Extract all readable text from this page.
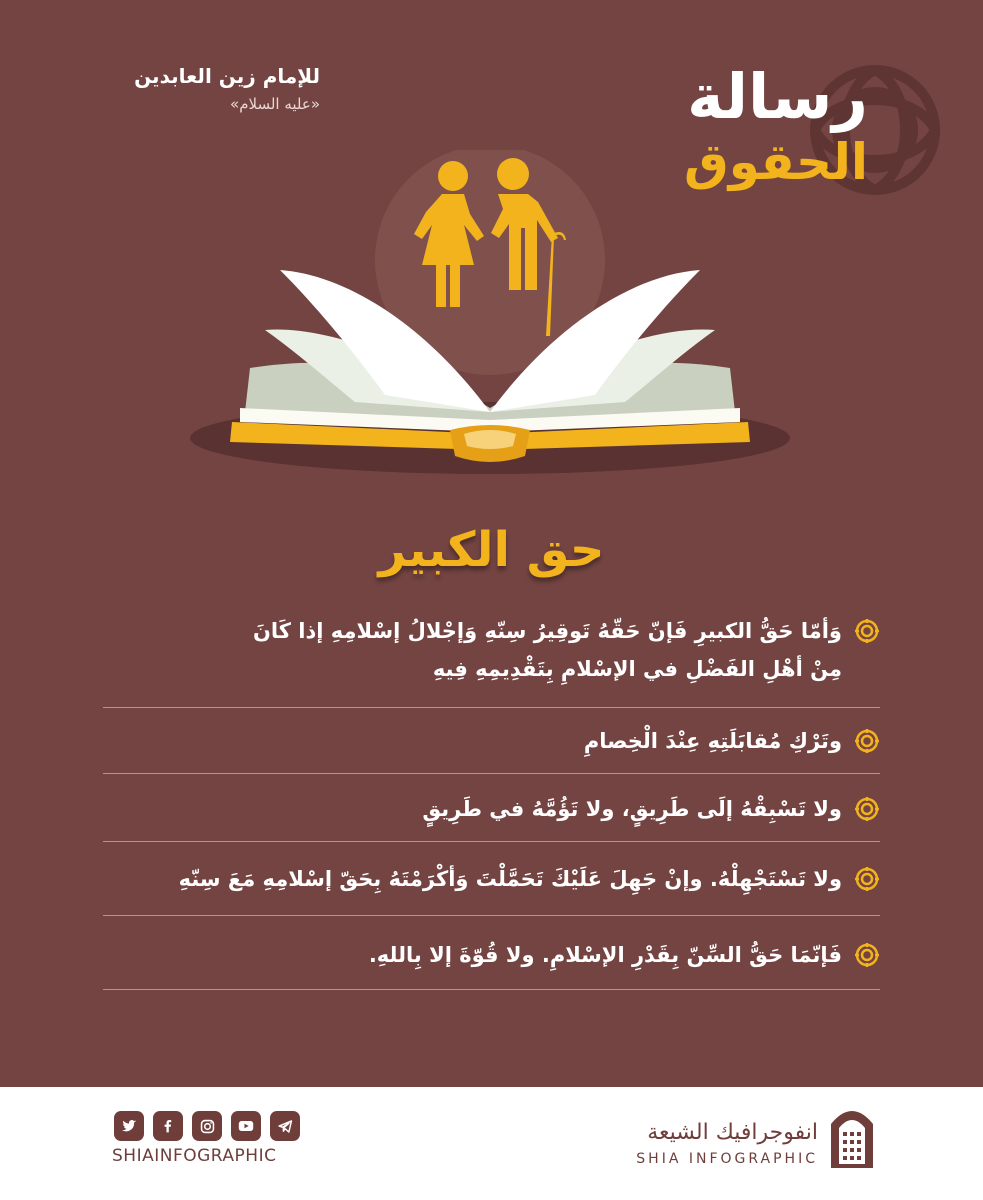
رسالة
الحقوق
للإمام زين العابدين
«عليه السلام»
حق الكبير
وَأمّا حَقُّ الكبيرِ فَإنّ حَقّهُ تَوقِيرُ سِنّهِ وَإجْلالُ إسْلامِهِ إذا كَانَ
مِنْ أهْلِ الفَضْلِ في الإسْلامِ بِتَقْدِيمِهِ فِيهِ
وتَرْكِ مُقابَلَتِهِ عِنْدَ الْخِصامِ
ولا تَسْبِقْهُ إلَى طَرِيقٍ، ولا تَؤُمَّهُ في طَرِيقٍ
ولا تَسْتَجْهِلْهُ. وإنْ جَهِلَ عَلَيْكَ تَحَمَّلْتَ وَأكْرَمْتَهُ بِحَقّ إسْلامِهِ مَعَ سِنّهِ
فَإنّمَا حَقُّ السِّنّ بِقَدْرِ الإسْلامِ. ولا قُوّةَ إلا بِاللهِ.
SHIAINFOGRAPHIC
انفوجرافيك الشيعة
SHIA INFOGRAPHIC
